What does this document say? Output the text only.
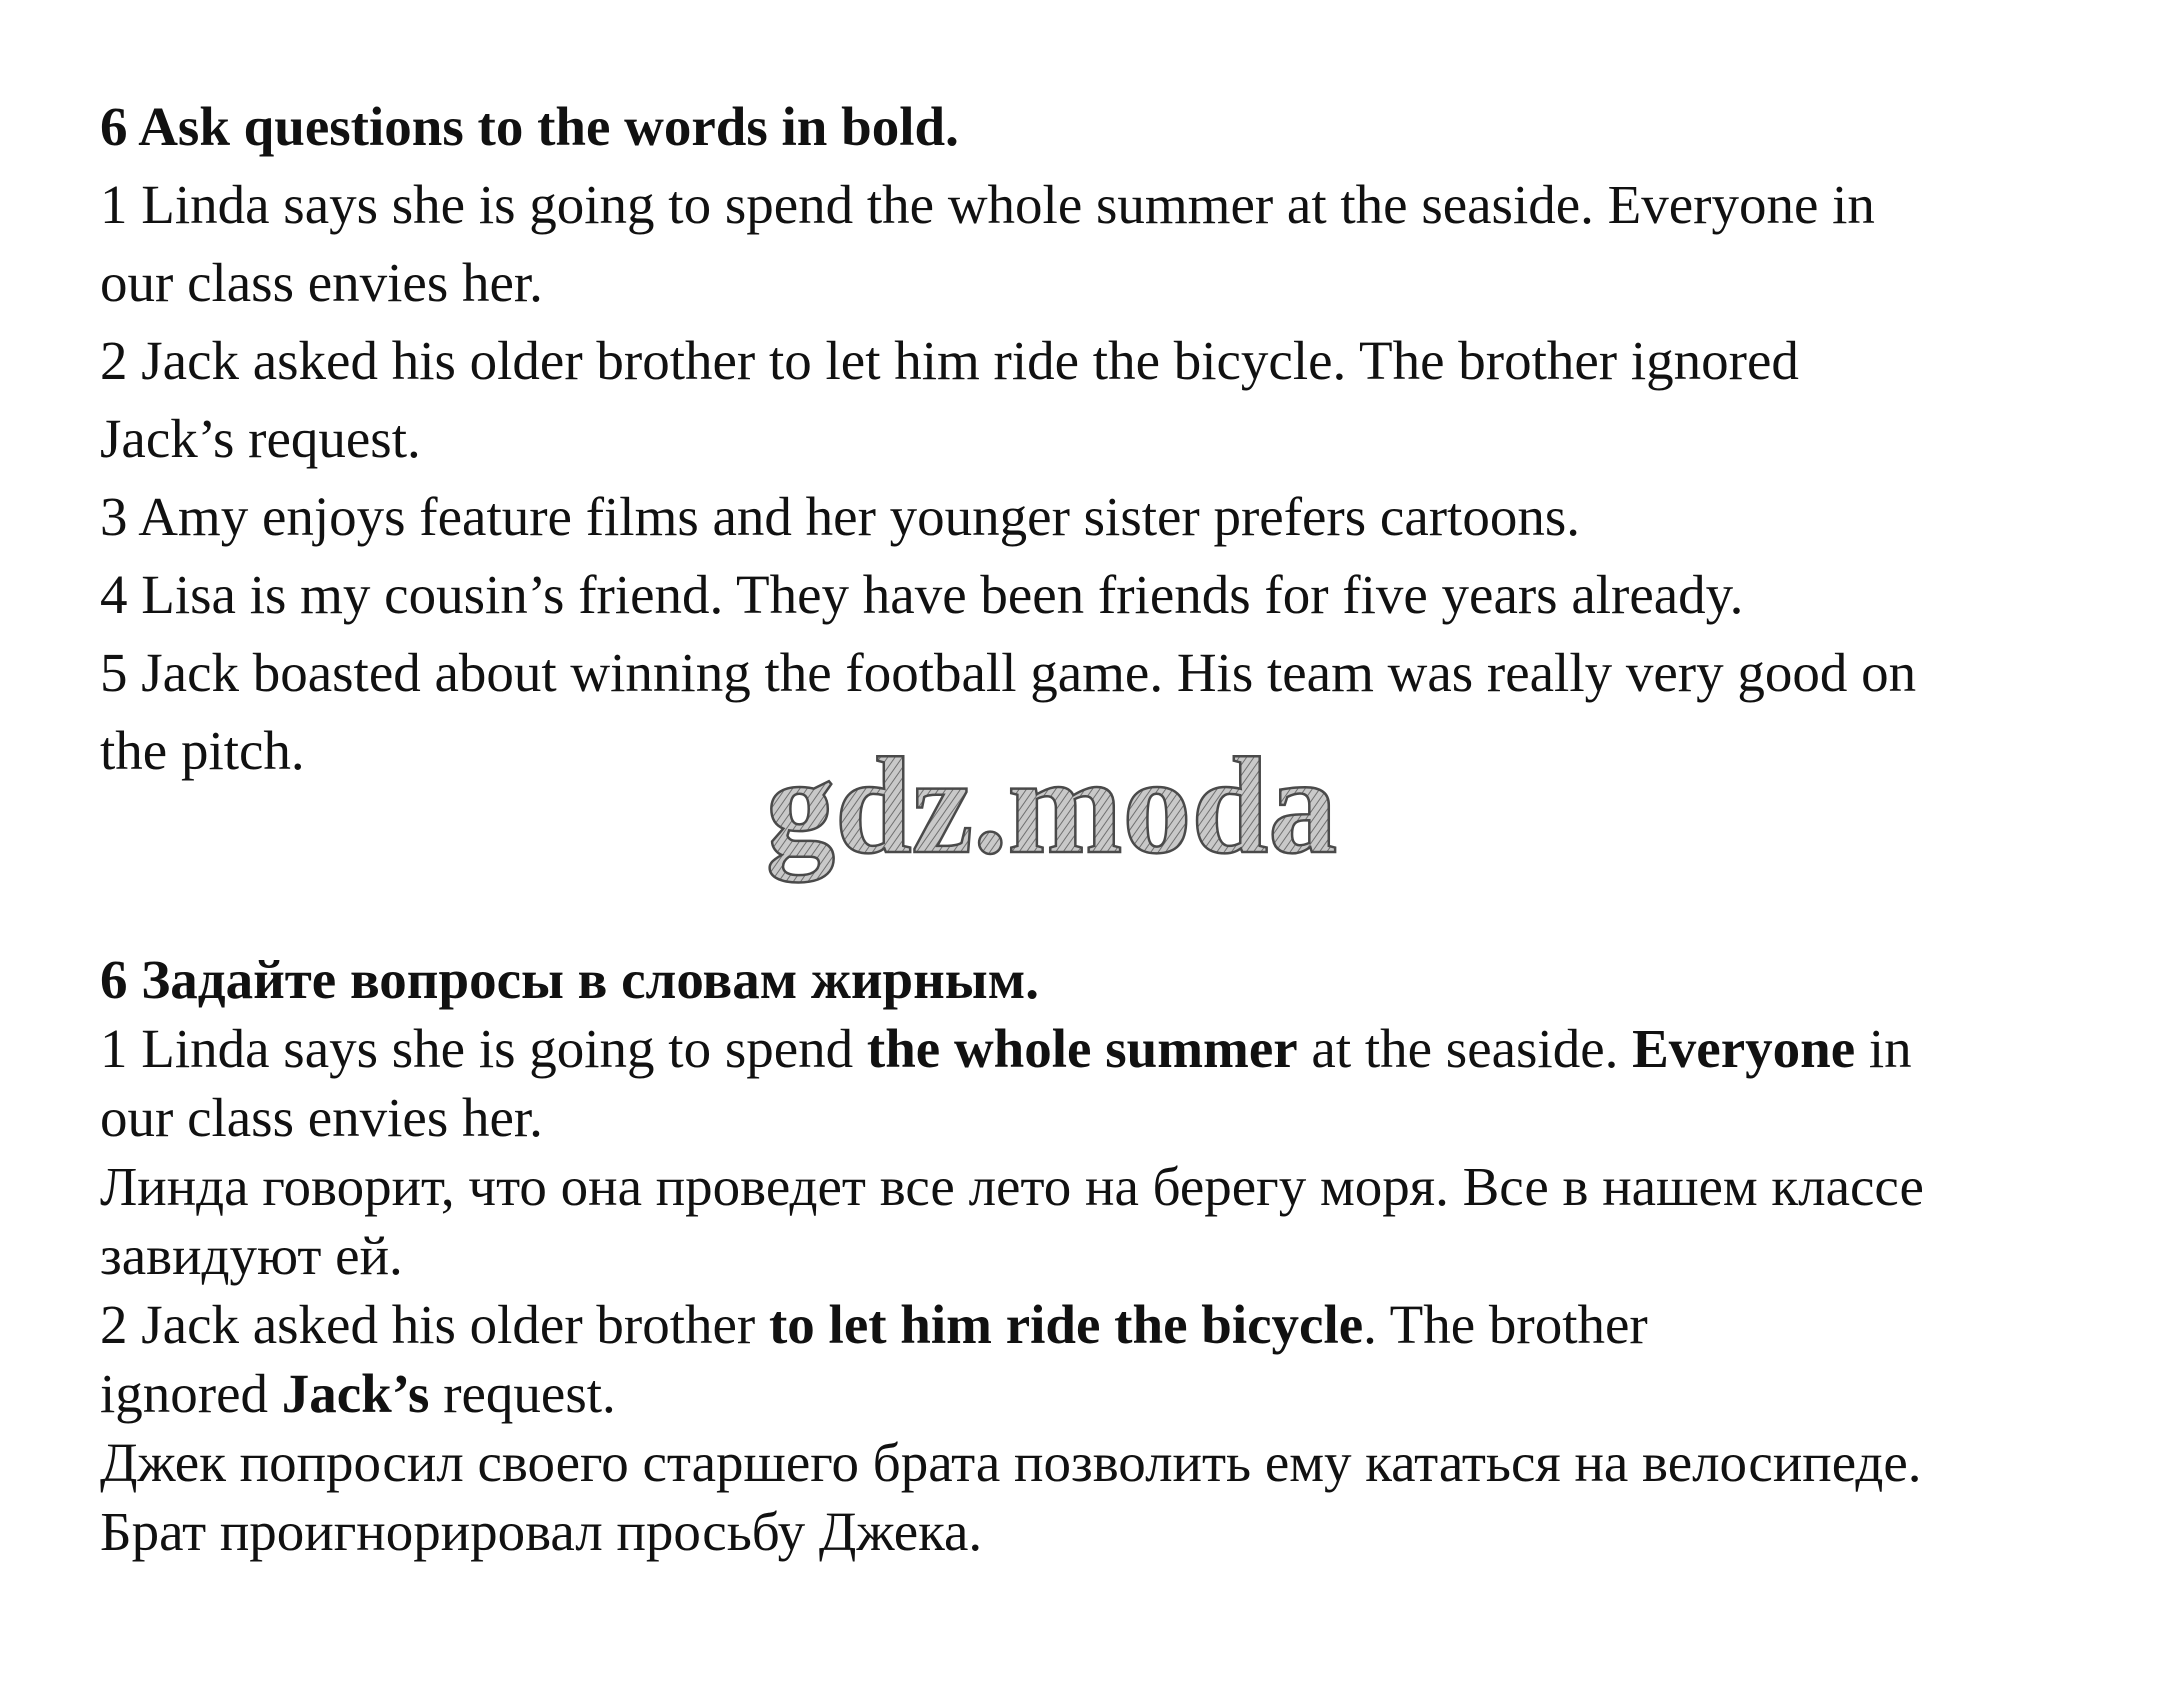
6 Ask questions to the words in bold.
1 Linda says she is going to spend the whole summer at the seaside. Everyone in
our class envies her.
2 Jack asked his older brother to let him ride the bicycle. The brother ignored
Jack’s request.
3 Amy enjoys feature films and her younger sister prefers cartoons.
4 Lisa is my cousin’s friend. They have been friends for five years already.
5 Jack boasted about winning the football game. His team was really very good on
the pitch.	gdz.moda
6 Задайте вопросы в словам жирным.
1 Linda says she is going to spend the whole summer at the seaside. Everyone in
our class envies her.
Линда говорит, что она проведет все лето на берегу моря. Все в нашем классе
завидуют ей.
2 Jack asked his older brother to let him ride the bicycle. The brother
ignored Jack’s request.
Джек попросил своего старшего брата позволить ему кататься на велосипеде.
Брат проигнорировал просьбу Джека.
